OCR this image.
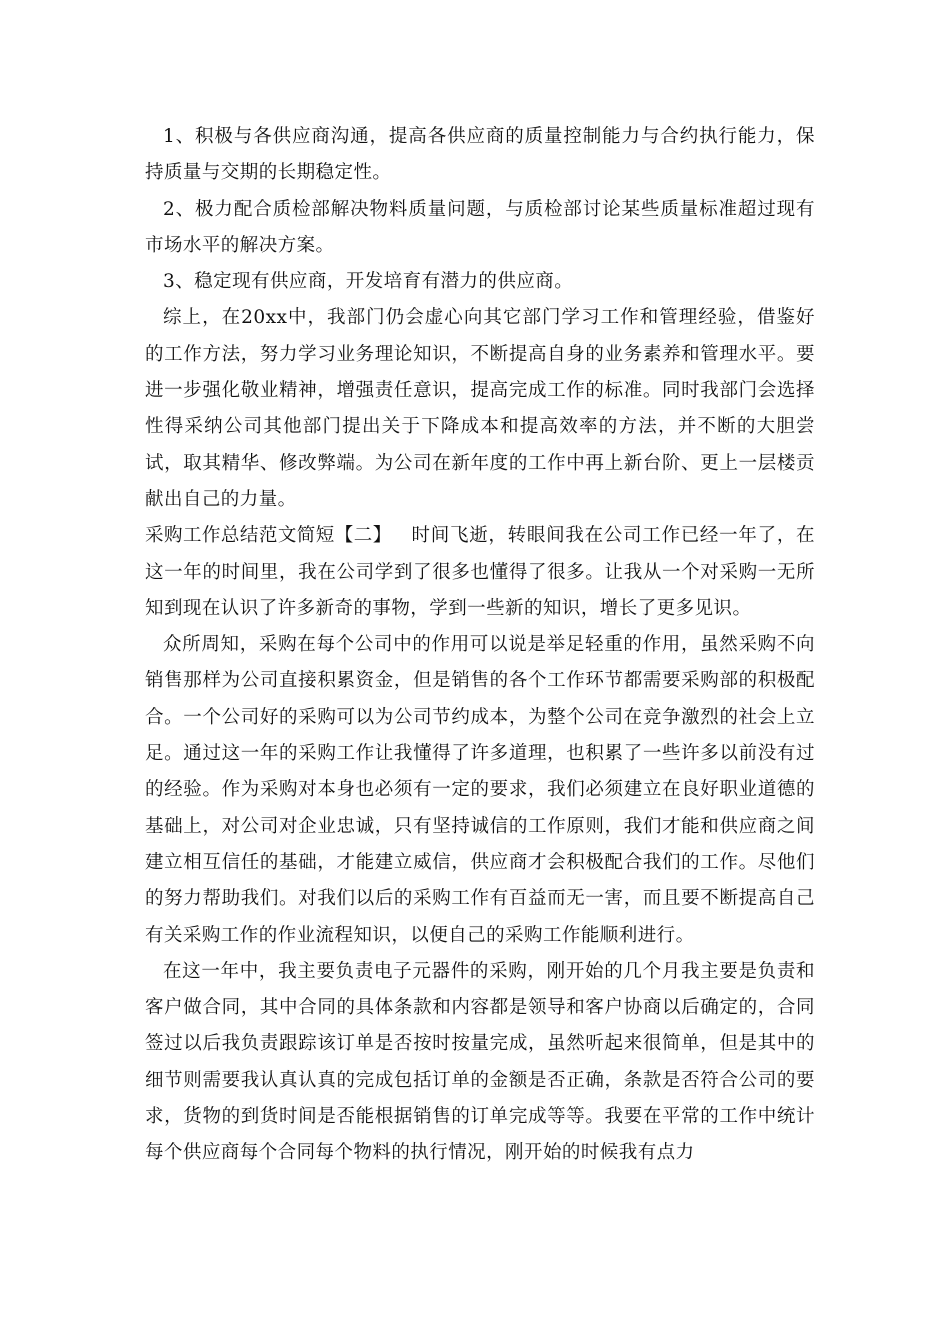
1、积极与各供应商沟通，提高各供应商的质量控制能力与合约执行能力，保持质量与交期的长期稳定性。

2、极力配合质检部解决物料质量问题，与质检部讨论某些质量标准超过现有市场水平的解决方案。

3、稳定现有供应商，开发培育有潜力的供应商。

综上，在20xx中，我部门仍会虚心向其它部门学习工作和管理经验，借鉴好的工作方法，努力学习业务理论知识，不断提高自身的业务素养和管理水平。要进一步强化敬业精神，增强责任意识，提高完成工作的标准。同时我部门会选择性得采纳公司其他部门提出关于下降成本和提高效率的方法，并不断的大胆尝试，取其精华、修改弊端。为公司在新年度的工作中再上新台阶、更上一层楼贡献出自己的力量。

采购工作总结范文简短【二】 时间飞逝，转眼间我在公司工作已经一年了，在这一年的时间里，我在公司学到了很多也懂得了很多。让我从一个对采购一无所知到现在认识了许多新奇的事物，学到一些新的知识，增长了更多见识。

众所周知，采购在每个公司中的作用可以说是举足轻重的作用，虽然采购不向销售那样为公司直接积累资金，但是销售的各个工作环节都需要采购部的积极配合。一个公司好的采购可以为公司节约成本，为整个公司在竞争激烈的社会上立足。通过这一年的采购工作让我懂得了许多道理，也积累了一些许多以前没有过的经验。作为采购对本身也必须有一定的要求，我们必须建立在良好职业道德的基础上，对公司对企业忠诚，只有坚持诚信的工作原则，我们才能和供应商之间建立相互信任的基础，才能建立威信，供应商才会积极配合我们的工作。尽他们的努力帮助我们。对我们以后的采购工作有百益而无一害，而且要不断提高自己有关采购工作的作业流程知识，以便自己的采购工作能顺利进行。

在这一年中，我主要负责电子元器件的采购，刚开始的几个月我主要是负责和客户做合同，其中合同的具体条款和内容都是领导和客户协商以后确定的，合同签过以后我负责跟踪该订单是否按时按量完成，虽然听起来很简单，但是其中的细节则需要我认真认真的完成包括订单的金额是否正确，条款是否符合公司的要求，货物的到货时间是否能根据销售的订单完成等等。我要在平常的工作中统计每个供应商每个合同每个物料的执行情况，刚开始的时候我有点力
